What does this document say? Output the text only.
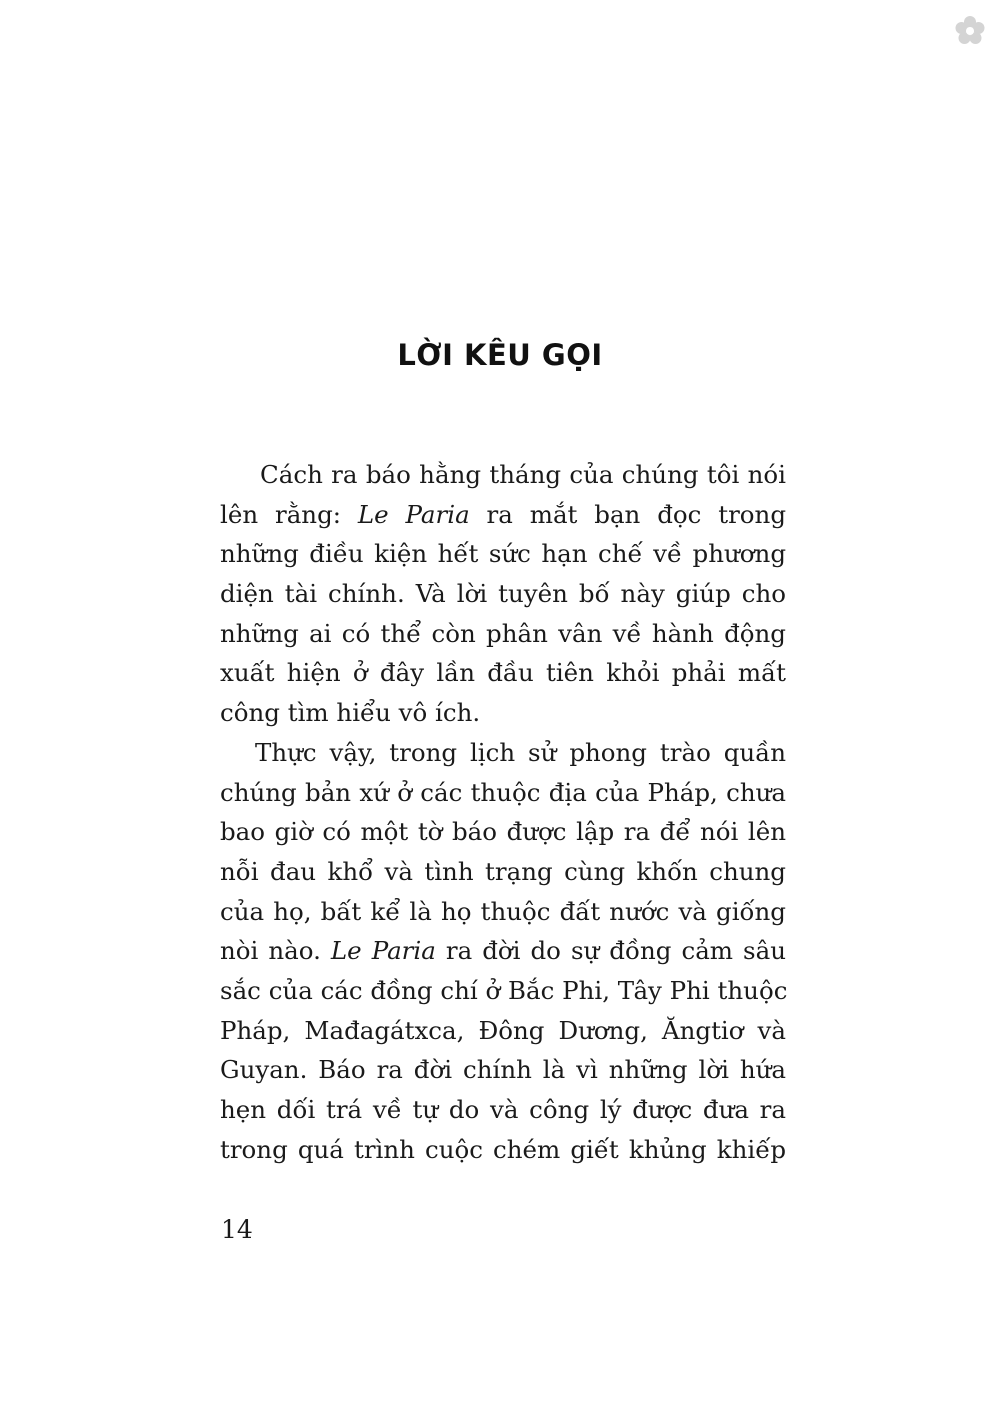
LỜI KÊU GỌI
Cách ra báo hằng tháng của chúng tôi nói
lên rằng: Le Paria ra mắt bạn đọc trong
những điều kiện hết sức hạn chế về phương
diện tài chính. Và lời tuyên bố này giúp cho
những ai có thể còn phân vân về hành động
xuất hiện ở đây lần đầu tiên khỏi phải mất
công tìm hiểu vô ích.
Thực vậy, trong lịch sử phong trào quần
chúng bản xứ ở các thuộc địa của Pháp, chưa
bao giờ có một tờ báo được lập ra để nói lên
nỗi đau khổ và tình trạng cùng khốn chung
của họ, bất kể là họ thuộc đất nước và giống
nòi nào. Le Paria ra đời do sự đồng cảm sâu
sắc của các đồng chí ở Bắc Phi, Tây Phi thuộc
Pháp, Mađagátxca, Đông Dương, Ăngtiơ và
Guyan. Báo ra đời chính là vì những lời hứa
hẹn dối trá về tự do và công lý được đưa ra
trong quá trình cuộc chém giết khủng khiếp
14
